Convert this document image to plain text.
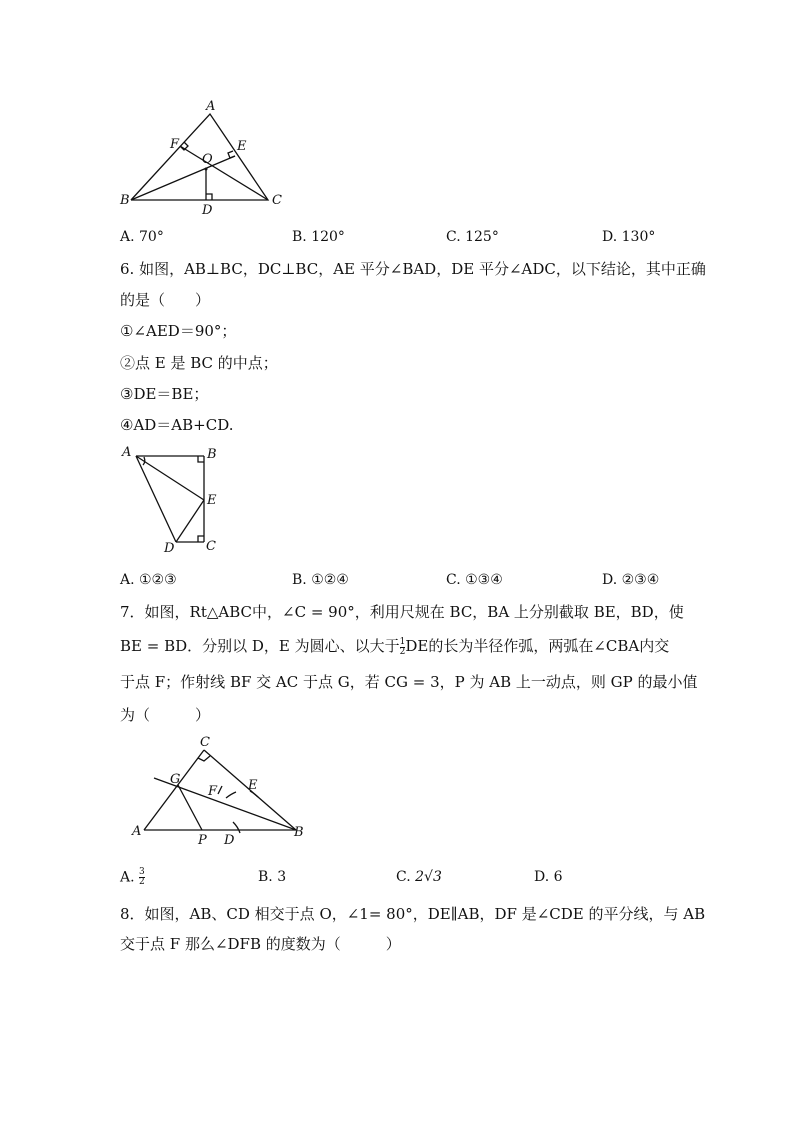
A
B	C
D
E
F
O
A. 70°	B. 120°	C. 125°	D. 130°
6. 如图，AB⊥BC，DC⊥BC，AE 平分∠BAD，DE 平分∠ADC，以下结论，其中正确
的是（　　）
①∠AED＝90°；
②点 E 是 BC 的中点；
③DE＝BE；
④AD＝AB+CD.
A	B
E
C
D
A. ①②③	B. ①②④	C. ①③④	D. ②③④
7．如图，Rt△ABC中，∠C = 90°，利用尺规在 BC，BA 上分别截取 BE，BD，使
BE = BD．分别以 D，E 为圆心、以大于 $\frac{1}{2}$ DE的长为半径作弧，两弧在∠CBA内交
于点 F；作射线 BF 交 AC 于点 G，若 CG = 3，P 为 AB 上一动点，则 GP 的最小值
为（　　　）
C
G	E
F
A
P D
B
A. $\frac{3}{2}$	B. 3	C. 2√3	D. 6
8．如图，AB、CD 相交于点 O，∠1= 80°，DE∥AB，DF 是∠CDE 的平分线，与 AB
交于点 F 那么∠DFB 的度数为（　　　）
